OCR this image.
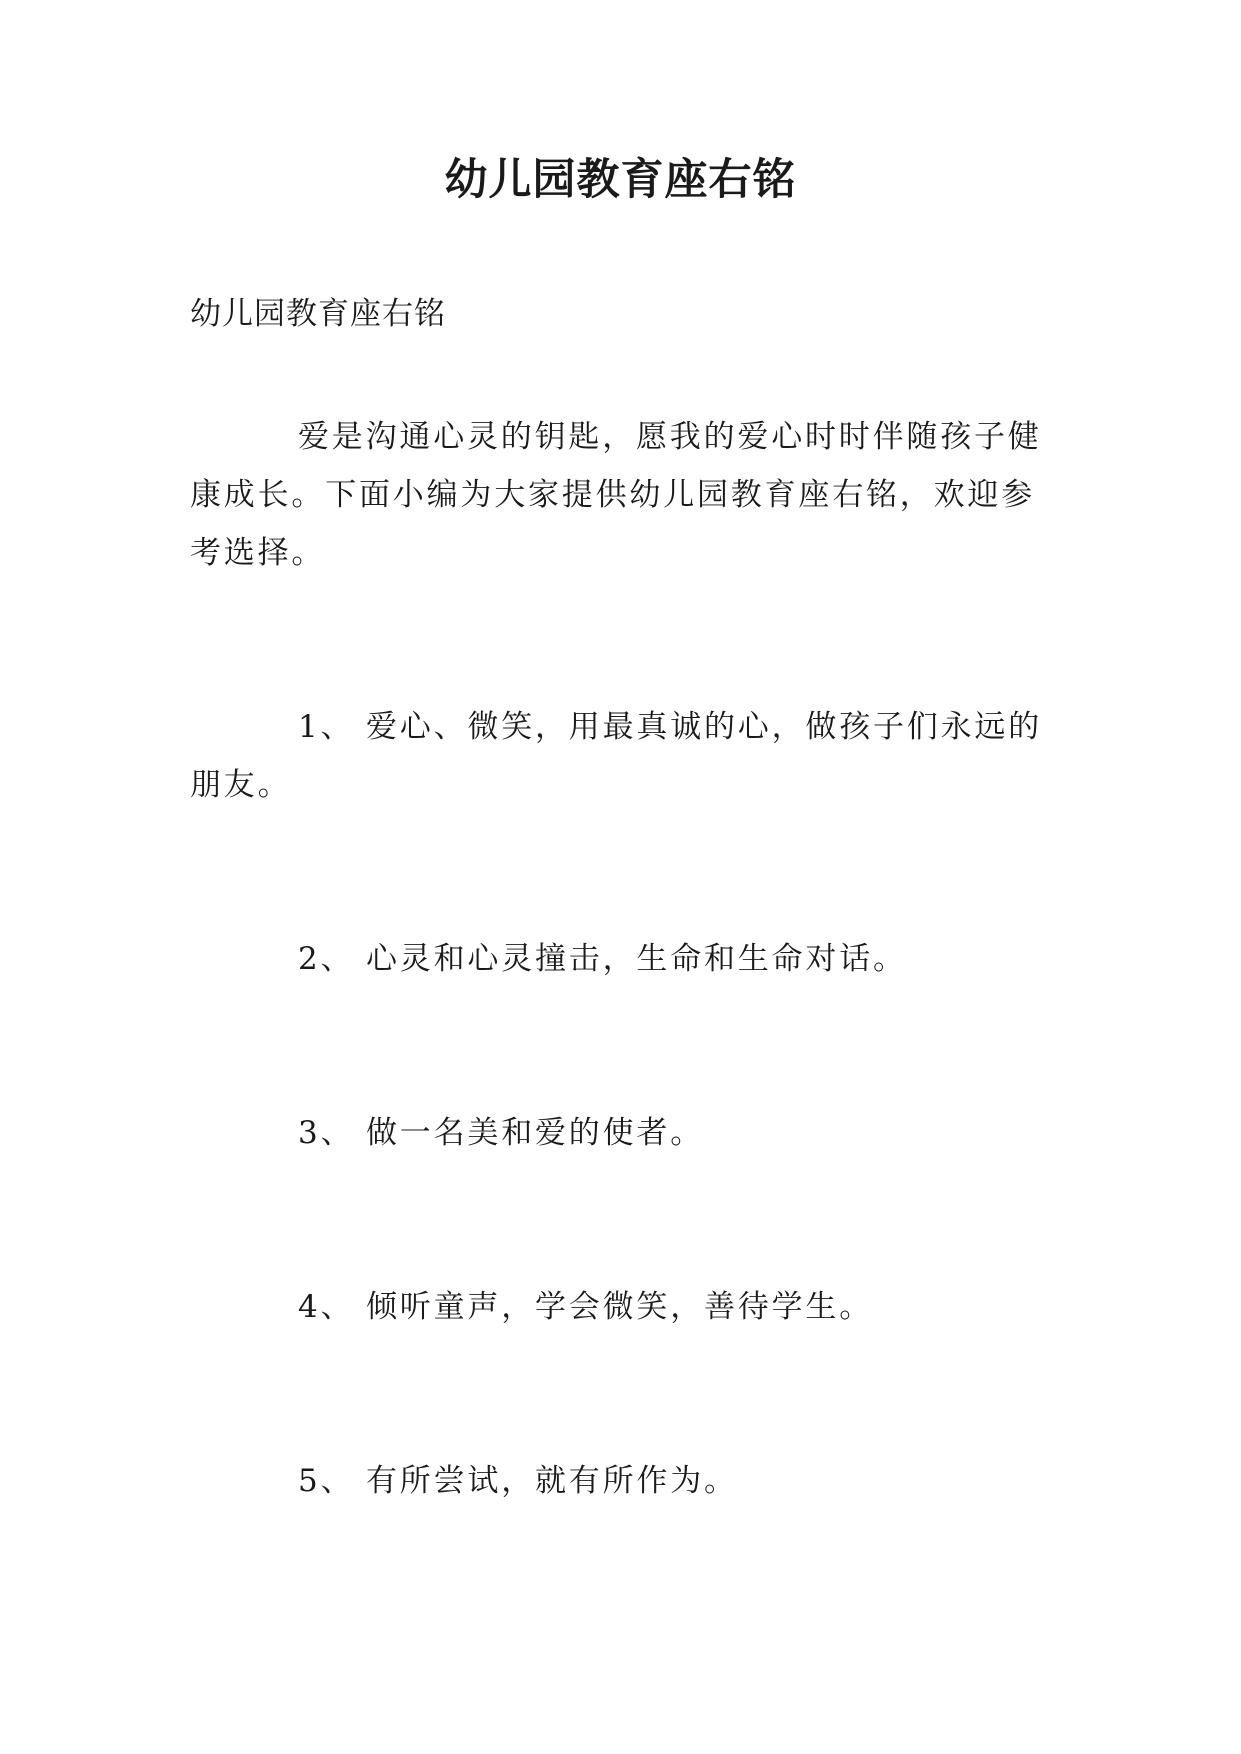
幼儿园教育座右铭
幼儿园教育座右铭

爱是沟通心灵的钥匙，愿我的爱心时时伴随孩子健康成长。下面小编为大家提供幼儿园教育座右铭，欢迎参考选择。

1、 爱心、微笑，用最真诚的心，做孩子们永远的朋友。

2、 心灵和心灵撞击，生命和生命对话。

3、 做一名美和爱的使者。

4、 倾听童声，学会微笑，善待学生。

5、 有所尝试，就有所作为。
